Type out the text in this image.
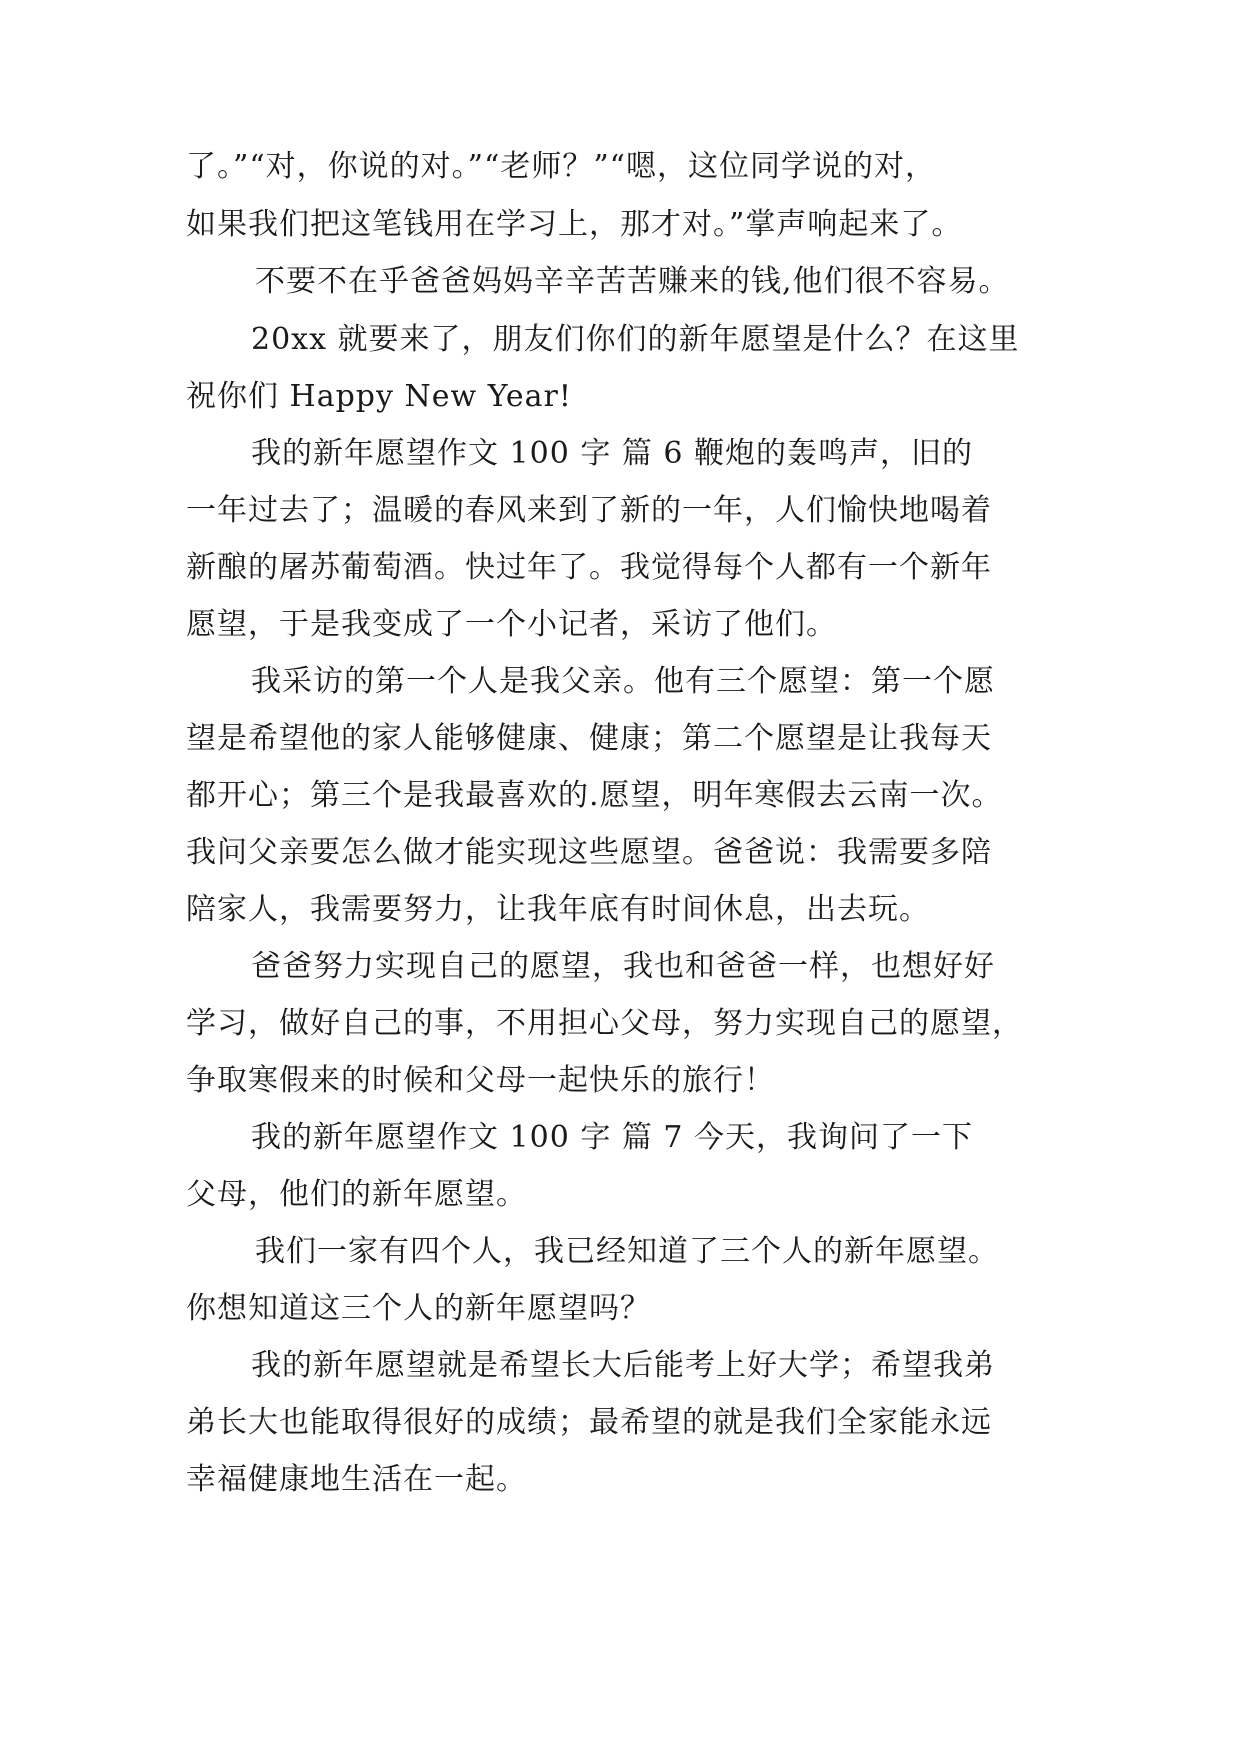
了。”“对，你说的对。”“老师？”“嗯，这位同学说的对，
如果我们把这笔钱用在学习上，那才对。”掌声响起来了。
不要不在乎爸爸妈妈辛辛苦苦赚来的钱,他们很不容易。
20xx 就要来了，朋友们你们的新年愿望是什么？在这里
祝你们 Happy New Year!
我的新年愿望作文 100 字 篇 6 鞭炮的轰鸣声，旧的
一年过去了；温暖的春风来到了新的一年，人们愉快地喝着
新酿的屠苏葡萄酒。快过年了。我觉得每个人都有一个新年
愿望，于是我变成了一个小记者，采访了他们。
我采访的第一个人是我父亲。他有三个愿望：第一个愿
望是希望他的家人能够健康、健康；第二个愿望是让我每天
都开心；第三个是我最喜欢的.愿望，明年寒假去云南一次。
我问父亲要怎么做才能实现这些愿望。爸爸说：我需要多陪
陪家人，我需要努力，让我年底有时间休息，出去玩。
爸爸努力实现自己的愿望，我也和爸爸一样，也想好好
学习，做好自己的事，不用担心父母，努力实现自己的愿望，
争取寒假来的时候和父母一起快乐的旅行！
我的新年愿望作文 100 字 篇 7 今天，我询问了一下
父母，他们的新年愿望。
我们一家有四个人，我已经知道了三个人的新年愿望。
你想知道这三个人的新年愿望吗？
我的新年愿望就是希望长大后能考上好大学；希望我弟
弟长大也能取得很好的成绩；最希望的就是我们全家能永远
幸福健康地生活在一起。
